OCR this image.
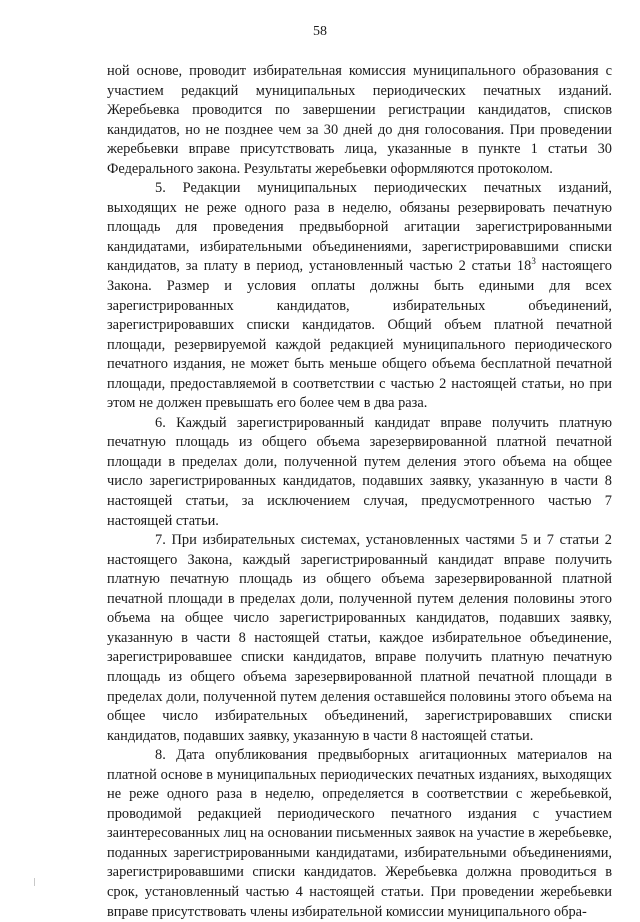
58

ной основе, проводит избирательная комиссия муниципального образования с участием редакций муниципальных периодических печатных изданий. Жеребьевка проводится по завершении регистрации кандидатов, списков кандидатов, но не позднее чем за 30 дней до дня голосования. При проведении жеребьевки вправе присутствовать лица, указанные в пункте 1 статьи 30 Федерального закона. Результаты жеребьевки оформляются протоколом.

5. Редакции муниципальных периодических печатных изданий, выходящих не реже одного раза в неделю, обязаны резервировать печатную площадь для проведения предвыборной агитации зарегистрированными кандидатами, избирательными объединениями, зарегистрировавшими списки кандидатов, за плату в период, установленный частью 2 статьи $18^3$ настоящего Закона. Размер и условия оплаты должны быть едиными для всех зарегистрированных кандидатов, избирательных объединений, зарегистрировавших списки кандидатов. Общий объем платной печатной площади, резервируемой каждой редакцией муниципального периодического печатного издания, не может быть меньше общего объема бесплатной печатной площади, предоставляемой в соответствии с частью 2 настоящей статьи, но при этом не должен превышать его более чем в два раза.

6. Каждый зарегистрированный кандидат вправе получить платную печатную площадь из общего объема зарезервированной платной печатной площади в пределах доли, полученной путем деления этого объема на общее число зарегистрированных кандидатов, подавших заявку, указанную в части 8 настоящей статьи, за исключением случая, предусмотренного частью 7 настоящей статьи.

7. При избирательных системах, установленных частями 5 и 7 статьи 2 настоящего Закона, каждый зарегистрированный кандидат вправе получить платную печатную площадь из общего объема зарезервированной платной печатной площади в пределах доли, полученной путем деления половины этого объема на общее число зарегистрированных кандидатов, подавших заявку, указанную в части 8 настоящей статьи, каждое избирательное объединение, зарегистрировавшее списки кандидатов, вправе получить платную печатную площадь из общего объема зарезервированной платной печатной площади в пределах доли, полученной путем деления оставшейся половины этого объема на общее число избирательных объединений, зарегистрировавших списки кандидатов, подавших заявку, указанную в части 8 настоящей статьи.

8. Дата опубликования предвыборных агитационных материалов на платной основе в муниципальных периодических печатных изданиях, выходящих не реже одного раза в неделю, определяется в соответствии с жеребьевкой, проводимой редакцией периодического печатного издания с участием заинтересованных лиц на основании письменных заявок на участие в жеребьевке, поданных зарегистрированными кандидатами, избирательными объединениями, зарегистрировавшими списки кандидатов. Жеребьевка должна проводиться в срок, установленный частью 4 настоящей статьи. При проведении жеребьевки вправе присутствовать члены избирательной комиссии муниципального обра-
